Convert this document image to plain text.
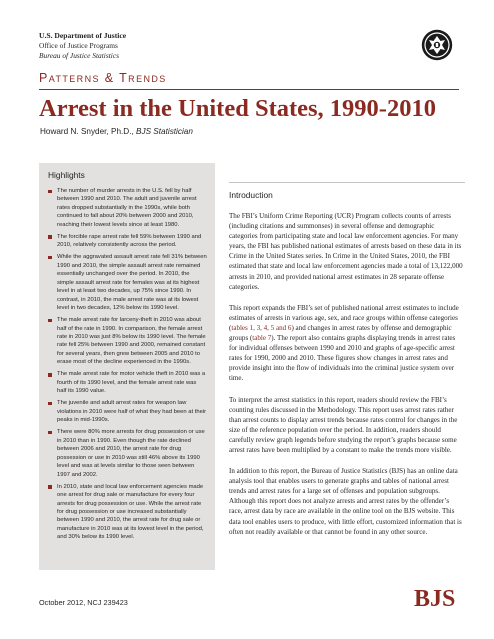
U.S. Department of Justice
Office of Justice Programs
Bureau of Justice Statistics
Patterns & Trends
Arrest in the United States, 1990-2010
Howard N. Snyder, Ph.D., BJS Statistician
Highlights
The number of murder arrests in the U.S. fell by half between 1990 and 2010. The adult and juvenile arrest rates dropped substantially in the 1990s, while both continued to fall about 20% between 2000 and 2010, reaching their lowest levels since at least 1980.
The forcible rape arrest rate fell 59% between 1990 and 2010, relatively consistently across the period.
While the aggravated assault arrest rate fell 31% between 1990 and 2010, the simple assault arrest rate remained essentially unchanged over the period. In 2010, the simple assault arrest rate for females was at its highest level in at least two decades, up 75% since 1990. In contrast, in 2010, the male arrest rate was at its lowest level in two decades, 12% below its 1990 level.
The male arrest rate for larceny-theft in 2010 was about half of the rate in 1990. In comparison, the female arrest rate in 2010 was just 8% below its 1990 level. The female rate fell 25% between 1990 and 2000, remained constant for several years, then grew between 2005 and 2010 to erase most of the decline experienced in the 1990s.
The male arrest rate for motor vehicle theft in 2010 was a fourth of its 1990 level, and the female arrest rate was half its 1990 value.
The juvenile and adult arrest rates for weapon law violations in 2010 were half of what they had been at their peaks in mid-1990s.
There were 80% more arrests for drug possession or use in 2010 than in 1990. Even though the rate declined between 2006 and 2010, the arrest rate for drug possession or use in 2010 was still 46% above its 1990 level and was at levels similar to those seen between 1997 and 2002.
In 2010, state and local law enforcement agencies made one arrest for drug sale or manufacture for every four arrests for drug possession or use. While the arrest rate for drug possession or use increased substantially between 1990 and 2010, the arrest rate for drug sale or manufacture in 2010 was at its lowest level in the period, and 30% below its 1990 level.
Introduction

The FBI’s Uniform Crime Reporting (UCR) Program collects counts of arrests (including citations and summonses) in several offense and demographic categories from participating state and local law enforcement agencies. For many years, the FBI has published national estimates of arrests based on these data in its Crime in the United States series. In Crime in the United States, 2010, the FBI estimated that state and local law enforcement agencies made a total of 13,122,000 arrests in 2010, and provided national arrest estimates in 28 separate offense categories.

This report expands the FBI’s set of published national arrest estimates to include estimates of arrests in various age, sex, and race groups within offense categories (tables 1, 3, 4, 5 and 6) and changes in arrest rates by offense and demographic groups (table 7). The report also contains graphs displaying trends in arrest rates for individual offenses between 1990 and 2010 and graphs of age-specific arrest rates for 1990, 2000 and 2010. These figures show changes in arrest rates and provide insight into the flow of individuals into the criminal justice system over time.

To interpret the arrest statistics in this report, readers should review the FBI’s counting rules discussed in the Methodology. This report uses arrest rates rather than arrest counts to display arrest trends because rates control for changes in the size of the reference population over the period. In addition, readers should carefully review graph legends before studying the report’s graphs because some arrest rates have been multiplied by a constant to make the trends more visible.

In addition to this report, the Bureau of Justice Statistics (BJS) has an online data analysis tool that enables users to generate graphs and tables of national arrest trends and arrest rates for a large set of offenses and population subgroups. Although this report does not analyze arrests and arrest rates by the offender’s race, arrest data by race are available in the online tool on the BJS website. This data tool enables users to produce, with little effort, customized information that is often not readily available or that cannot be found in any other source.

October 2012, NCJ 239423	BJS
